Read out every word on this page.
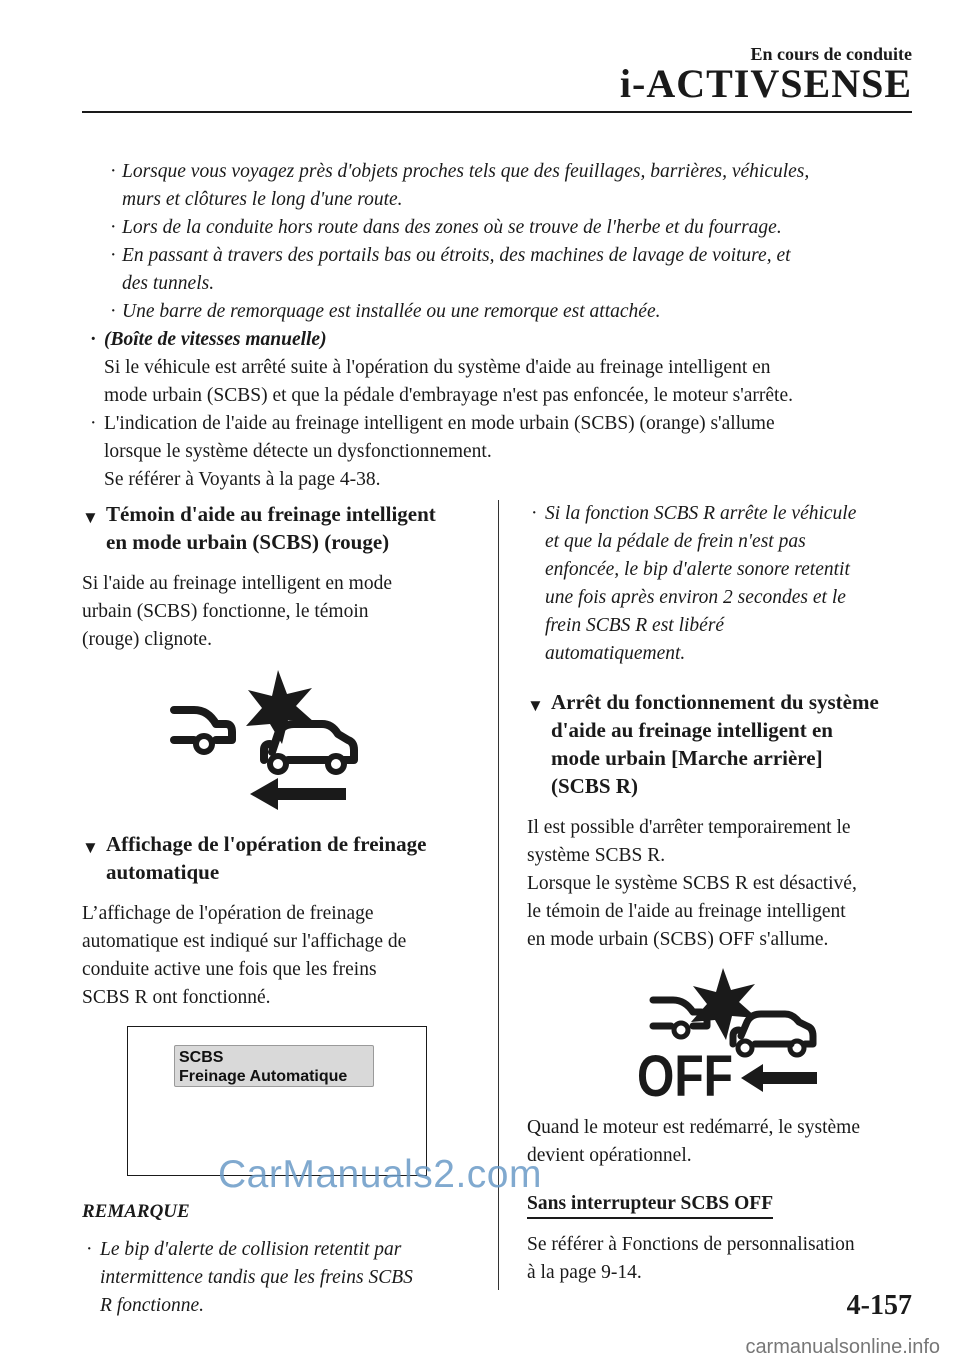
En cours de conduite
i-ACTIVSENSE
· Lorsque vous voyagez près d'objets proches tels que des feuillages, barrières, véhicules,
murs et clôtures le long d'une route.
· Lors de la conduite hors route dans des zones où se trouve de l'herbe et du fourrage.
· En passant à travers des portails bas ou étroits, des machines de lavage de voiture, et
des tunnels.
· Une barre de remorquage est installée ou une remorque est attachée.
· (Boîte de vitesses manuelle)
Si le véhicule est arrêté suite à l'opération du système d'aide au freinage intelligent en
mode urbain (SCBS) et que la pédale d'embrayage n'est pas enfoncée, le moteur s'arrête.
· L'indication de l'aide au freinage intelligent en mode urbain (SCBS) (orange) s'allume
lorsque le système détecte un dysfonctionnement.
Se référer à Voyants à la page 4-38.
▼ Témoin d'aide au freinage intelligent
en mode urbain (SCBS) (rouge)
Si l'aide au freinage intelligent en mode
urbain (SCBS) fonctionne, le témoin
(rouge) clignote.
▼ Affichage de l'opération de freinage
automatique
L’affichage de l'opération de freinage
automatique est indiqué sur l'affichage de
conduite active une fois que les freins
SCBS R ont fonctionné.
SCBS
Freinage Automatique
REMARQUE
· Le bip d'alerte de collision retentit par
intermittence tandis que les freins SCBS
R fonctionne.
· Si la fonction SCBS R arrête le véhicule
et que la pédale de frein n'est pas
enfoncée, le bip d'alerte sonore retentit
une fois après environ 2 secondes et le
frein SCBS R est libéré
automatiquement.
▼ Arrêt du fonctionnement du système
d'aide au freinage intelligent en
mode urbain [Marche arrière]
(SCBS R)
Il est possible d'arrêter temporairement le
système SCBS R.
Lorsque le système SCBS R est désactivé,
le témoin de l'aide au freinage intelligent
en mode urbain (SCBS) OFF s'allume.
OFF
Quand le moteur est redémarré, le système
devient opérationnel.
Sans interrupteur SCBS OFF
Se référer à Fonctions de personnalisation
à la page 9-14.
CarManuals2.com
4-157
carmanualsonline.info
